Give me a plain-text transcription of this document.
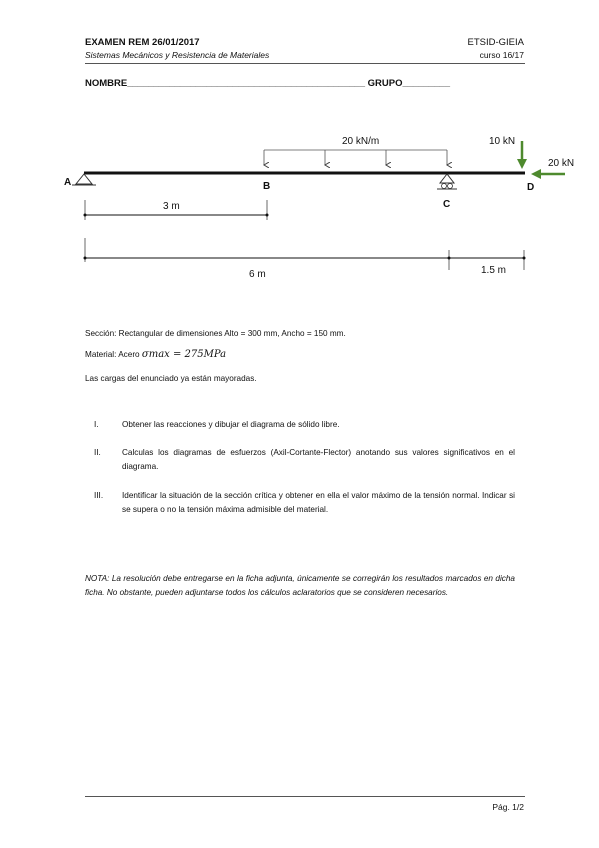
EXAMEN REM 26/01/2017	ETSID-GIEIA
Sistemas Mecánicos y Resistencia de Materiales	curso 16/17
NOMBRE_____________________________________________ GRUPO_________
20 kN/m
A	B
C
D
10 kN
20 kN
3 m
6 m	1.5 m
Sección: Rectangular de dimensiones Alto = 300 mm, Ancho = 150 mm.
Material: Acero σmax = 275MPa
Las cargas del enunciado ya están mayoradas.
I.	Obtener las reacciones y dibujar el diagrama de sólido libre.
II.	Calculas los diagramas de esfuerzos (Axil-Cortante-Flector) anotando sus valores significativos en el diagrama.
III. Identificar la situación de la sección crítica y obtener en ella el valor máximo de la tensión normal. Indicar si se supera o no la tensión máxima admisible del material.
NOTA: La resolución debe entregarse en la ficha adjunta, únicamente se corregirán los resultados marcados en dicha ficha. No obstante, pueden adjuntarse todos los cálculos aclaratorios que se consideren necesarios.
Pág. 1/2
